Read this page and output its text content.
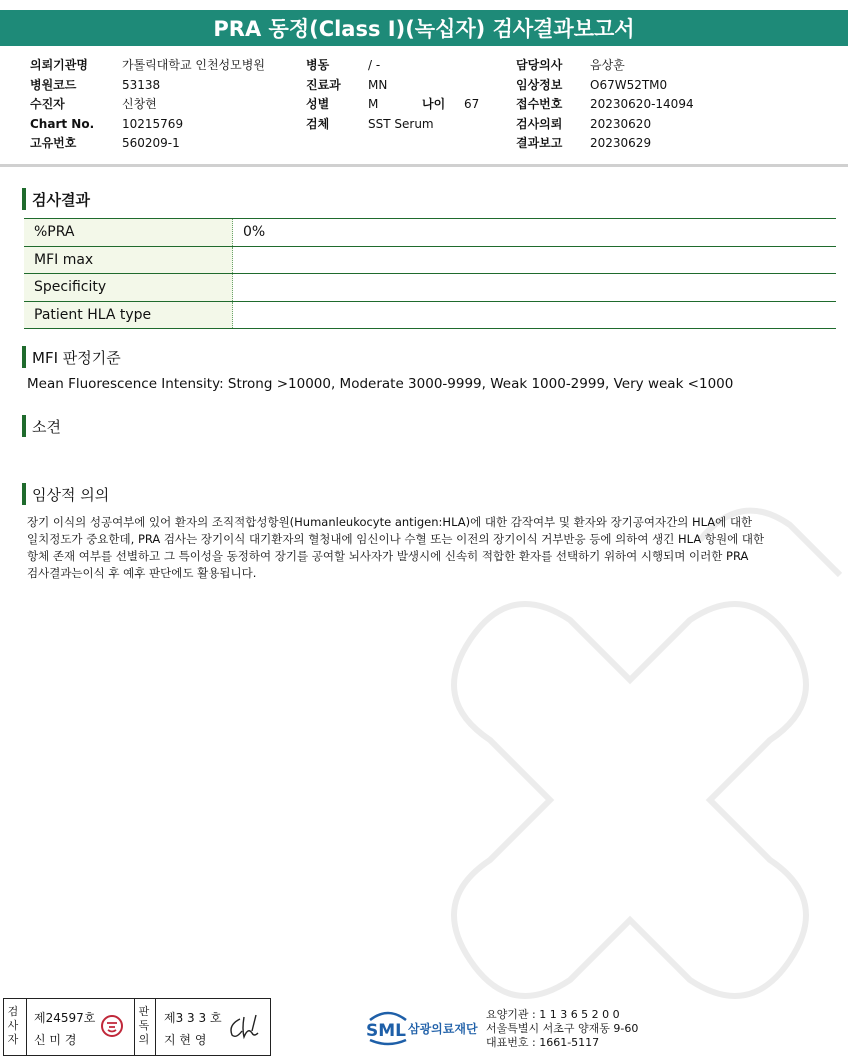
PRA 동정(Class I)(녹십자) 검사결과보고서
의뢰기관명	가톨릭대학교 인천성모병원
병원코드	53138
수진자	신창현
Chart No. 10215769
고유번호	560209-1
병동	/ -
진료과 MN
성별	M	나이 67
검체	SST Serum
담당의사 음상훈
임상정보 O67W52TM0
접수번호 20230620-14094
검사의뢰 20230620
결과보고 20230629
검사결과
%PRA	0%
MFI max	
Specificity	
Patient HLA type	
MFI 판정기준
Mean Fluorescence Intensity: Strong >10000, Moderate 3000-9999, Weak 1000-2999, Very weak <1000
소견
임상적 의의
장기 이식의 성공여부에 있어 환자의 조직적합성항원(Humanleukocyte antigen:HLA)에 대한 감작여부 및 환자와 장기공여자간의 HLA에 대한
일치정도가 중요한데, PRA 검사는 장기이식 대기환자의 혈청내에 임신이나 수혈 또는 이전의 장기이식 거부반응 등에 의하여 생긴 HLA 항원에 대한
항체 존재 여부를 선별하고 그 특이성을 동정하여 장기를 공여할 뇌사자가 발생시에 신속히 적합한 환자를 선택하기 위하여 시행되며 이러한 PRA
검사결과는이식 후 예후 판단에도 활용됩니다.
검사자
제24597호
신 미 경
판독의
제3 3 3 호
지 현 영	SML 삼광의료재단
요양기관 : 1 1 3 6 5 2 0 0
서울특별시 서초구 양재동 9-60
대표번호 : 1661-5117
